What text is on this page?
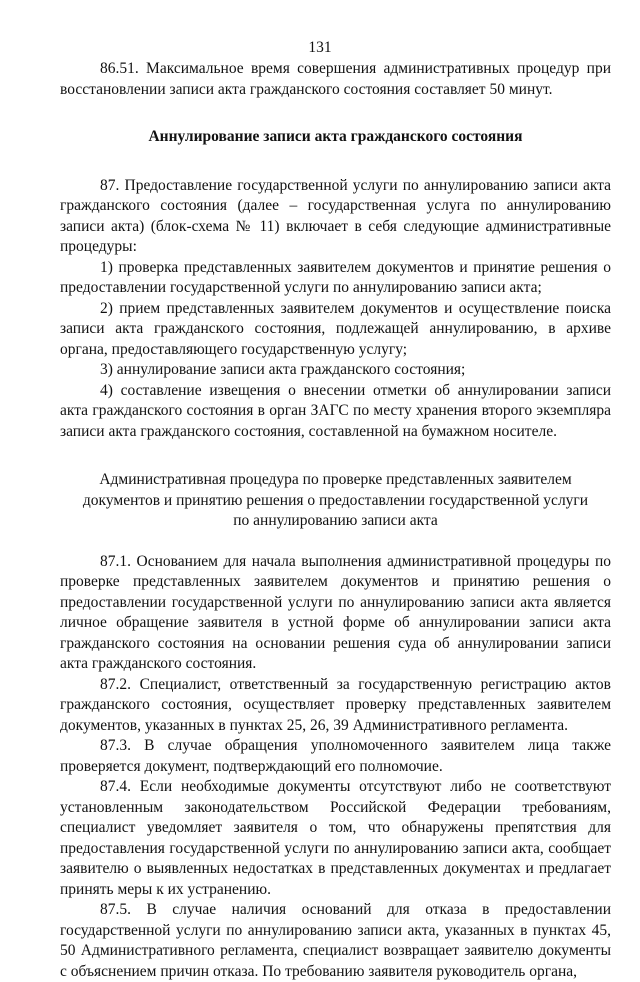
131

86.51. Максимальное время совершения административных процедур при восстановлении записи акта гражданского состояния составляет 50 минут.

Аннулирование записи акта гражданского состояния

87. Предоставление государственной услуги по аннулированию записи акта гражданского состояния (далее – государственная услуга по аннулированию записи акта) (блок-схема № 11) включает в себя следующие административные процедуры:

1) проверка представленных заявителем документов и принятие решения о предоставлении государственной услуги по аннулированию записи акта;

2) прием представленных заявителем документов и осуществление поиска записи акта гражданского состояния, подлежащей аннулированию, в архиве органа, предоставляющего государственную услугу;

3) аннулирование записи акта гражданского состояния;

4) составление извещения о внесении отметки об аннулировании записи акта гражданского состояния в орган ЗАГС по месту хранения второго экземпляра записи акта гражданского состояния, составленной на бумажном носителе.

Административная процедура по проверке представленных заявителем
документов и принятию решения о предоставлении государственной услуги
по аннулированию записи акта

87.1. Основанием для начала выполнения административной процедуры по проверке представленных заявителем документов и принятию решения о предоставлении государственной услуги по аннулированию записи акта является личное обращение заявителя в устной форме об аннулировании записи акта гражданского состояния на основании решения суда об аннулировании записи акта гражданского состояния.

87.2. Специалист, ответственный за государственную регистрацию актов гражданского состояния, осуществляет проверку представленных заявителем документов, указанных в пунктах 25, 26, 39 Административного регламента.

87.3. В случае обращения уполномоченного заявителем лица также проверяется документ, подтверждающий его полномочие.

87.4. Если необходимые документы отсутствуют либо не соответствуют установленным законодательством Российской Федерации требованиям, специалист уведомляет заявителя о том, что обнаружены препятствия для предоставления государственной услуги по аннулированию записи акта, сообщает заявителю о выявленных недостатках в представленных документах и предлагает принять меры к их устранению.

87.5. В случае наличия оснований для отказа в предоставлении государственной услуги по аннулированию записи акта, указанных в пунктах 45, 50 Административного регламента, специалист возвращает заявителю документы с объяснением причин отказа. По требованию заявителя руководитель органа,
